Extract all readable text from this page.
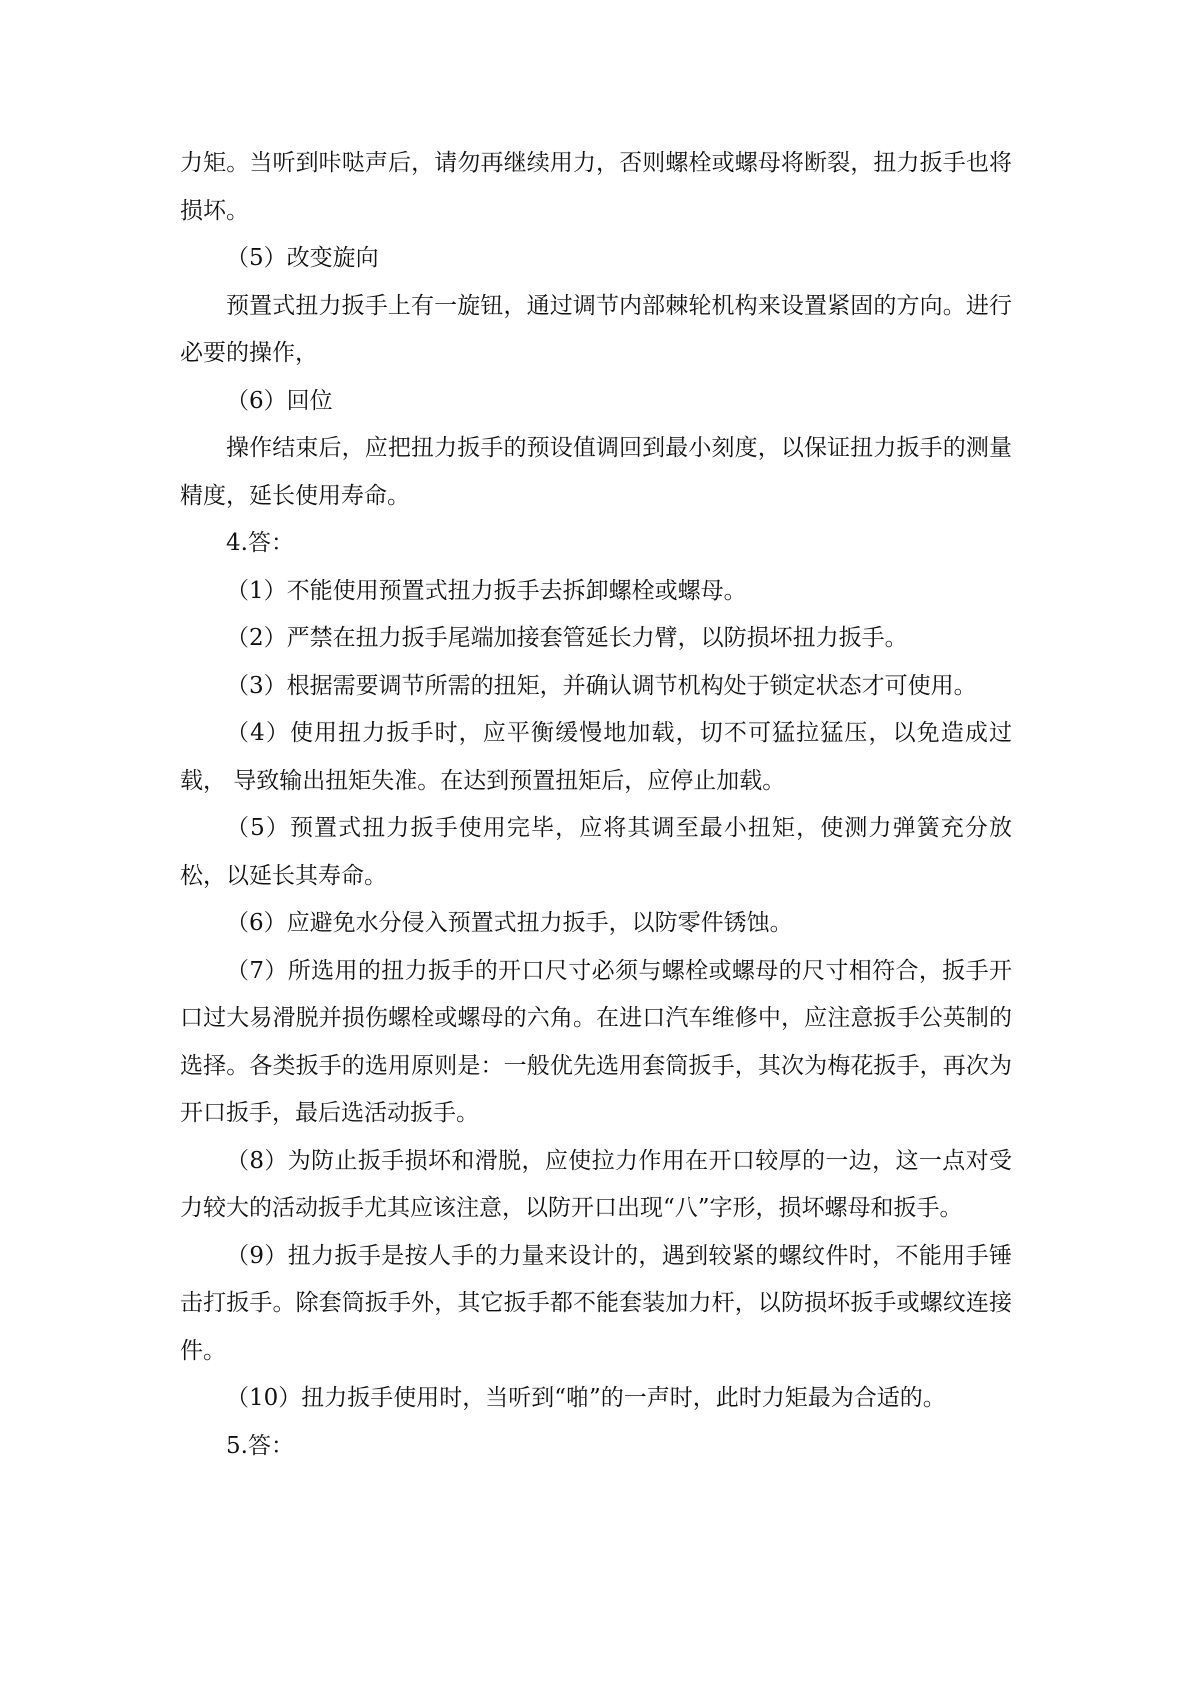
力矩。当听到咔哒声后，请勿再继续用力，否则螺栓或螺母将断裂，扭力扳手也将损坏。

（5）改变旋向

预置式扭力扳手上有一旋钮，通过调节内部棘轮机构来设置紧固的方向。进行必要的操作，

（6）回位

操作结束后，应把扭力扳手的预设值调回到最小刻度，以保证扭力扳手的测量精度，延长使用寿命。

4.答：

（1）不能使用预置式扭力扳手去拆卸螺栓或螺母。

（2）严禁在扭力扳手尾端加接套管延长力臂，以防损坏扭力扳手。

（3）根据需要调节所需的扭矩，并确认调节机构处于锁定状态才可使用。

（4）使用扭力扳手时，应平衡缓慢地加载，切不可猛拉猛压，以免造成过载， 导致输出扭矩失准。在达到预置扭矩后，应停止加载。

（5）预置式扭力扳手使用完毕，应将其调至最小扭矩，使测力弹簧充分放松，以延长其寿命。

（6）应避免水分侵入预置式扭力扳手，以防零件锈蚀。

（7）所选用的扭力扳手的开口尺寸必须与螺栓或螺母的尺寸相符合，扳手开口过大易滑脱并损伤螺栓或螺母的六角。在进口汽车维修中，应注意扳手公英制的选择。各类扳手的选用原则是：一般优先选用套筒扳手，其次为梅花扳手，再次为开口扳手，最后选活动扳手。

（8）为防止扳手损坏和滑脱，应使拉力作用在开口较厚的一边，这一点对受力较大的活动扳手尤其应该注意，以防开口出现“八”字形，损坏螺母和扳手。

（9）扭力扳手是按人手的力量来设计的，遇到较紧的螺纹件时，不能用手锤击打扳手。除套筒扳手外，其它扳手都不能套装加力杆，以防损坏扳手或螺纹连接件。

（10）扭力扳手使用时，当听到“啪”的一声时，此时力矩最为合适的。

5.答：
